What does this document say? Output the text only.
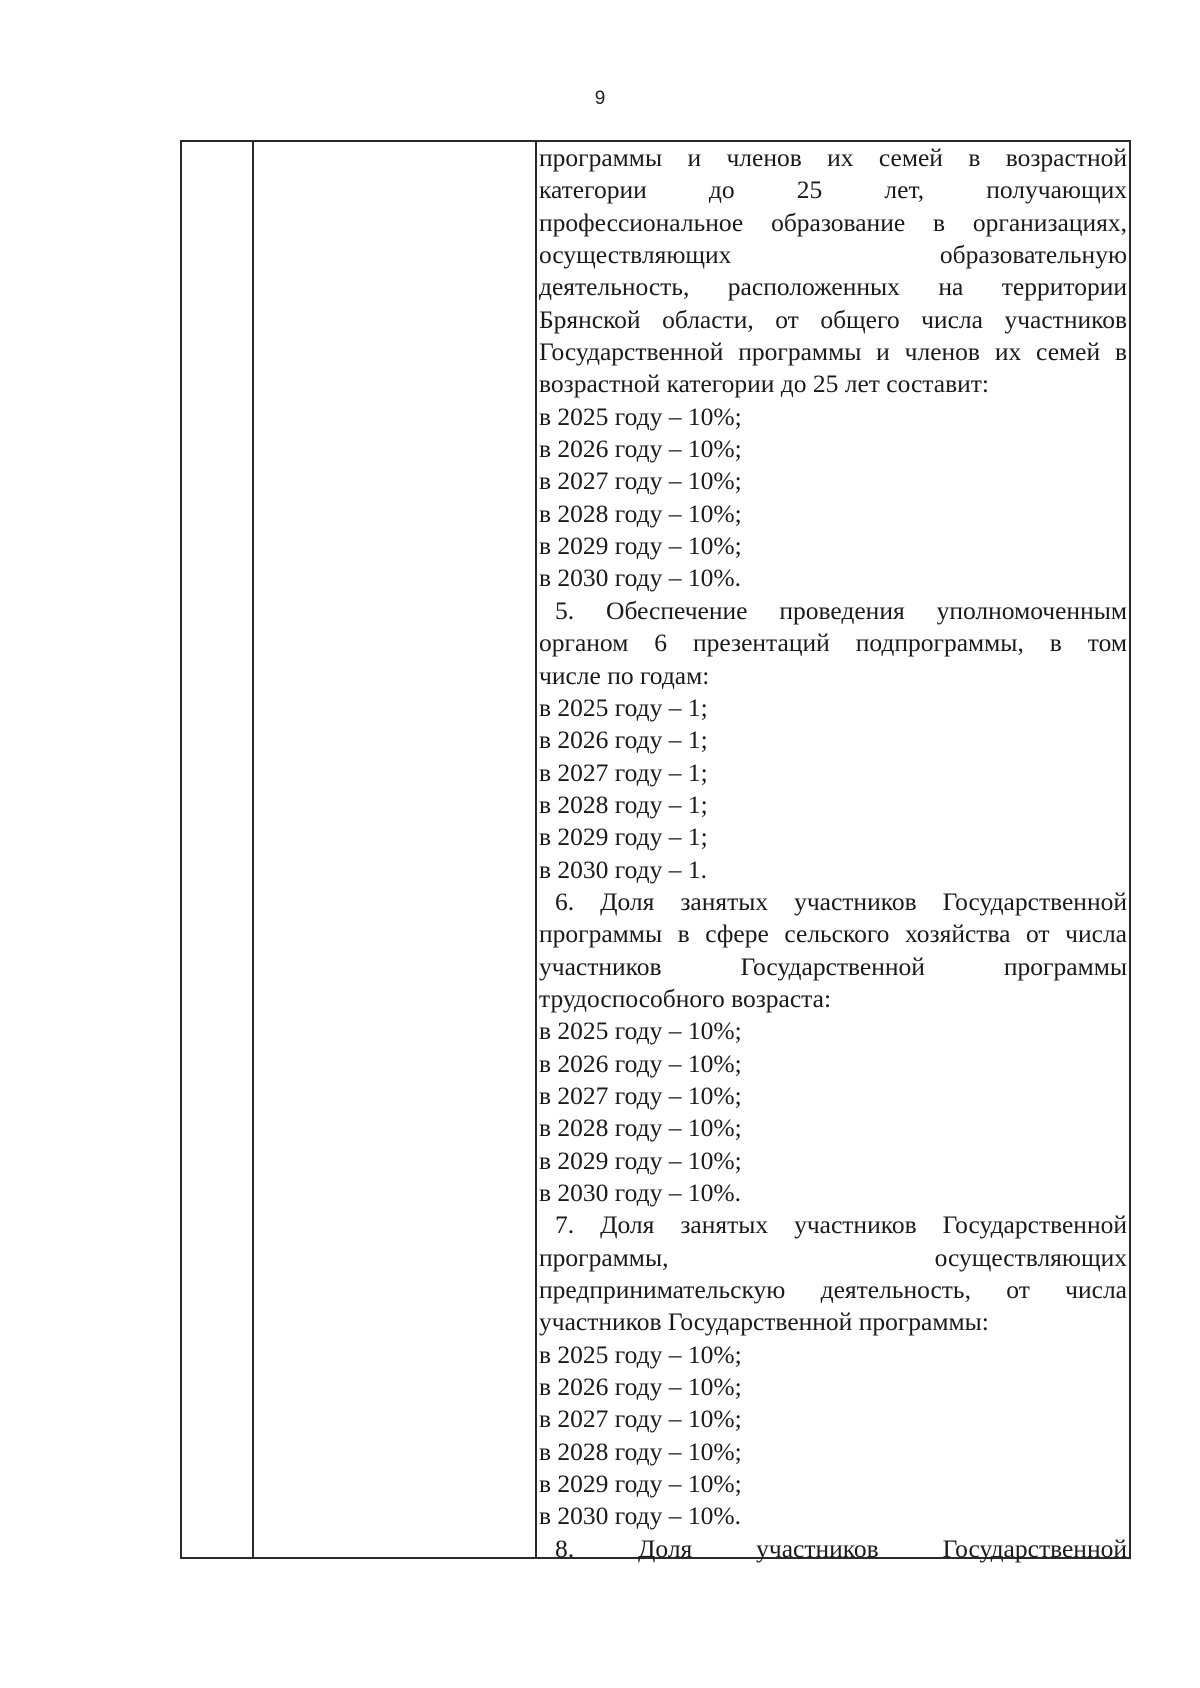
9
программы и членов их семей в возрастной
категории до 25 лет, получающих
профессиональное образование в организациях,
осуществляющих образовательную
деятельность, расположенных на территории
Брянской области, от общего числа участников
Государственной программы и членов их семей в
возрастной категории до 25 лет составит:
в 2025 году – 10%;
в 2026 году – 10%;
в 2027 году – 10%;
в 2028 году – 10%;
в 2029 году – 10%;
в 2030 году – 10%.
5. Обеспечение проведения уполномоченным
органом 6 презентаций подпрограммы, в том
числе по годам:
в 2025 году – 1;
в 2026 году – 1;
в 2027 году – 1;
в 2028 году – 1;
в 2029 году – 1;
в 2030 году – 1.
6. Доля занятых участников Государственной
программы в сфере сельского хозяйства от числа
участников Государственной программы
трудоспособного возраста:
в 2025 году – 10%;
в 2026 году – 10%;
в 2027 году – 10%;
в 2028 году – 10%;
в 2029 году – 10%;
в 2030 году – 10%.
7. Доля занятых участников Государственной
программы, осуществляющих
предпринимательскую деятельность, от числа
участников Государственной программы:
в 2025 году – 10%;
в 2026 году – 10%;
в 2027 году – 10%;
в 2028 году – 10%;
в 2029 году – 10%;
в 2030 году – 10%.
8. Доля участников Государственной
